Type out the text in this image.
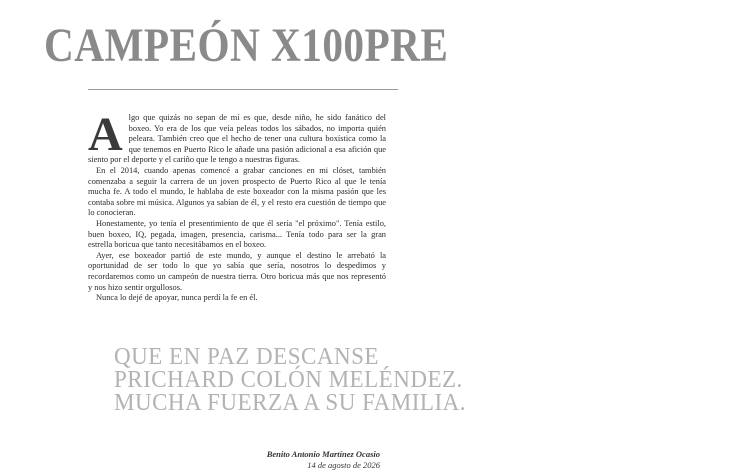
CAMPEÓN X100PRE

Algo que quizás no sepan de mí es que, desde niño, he sido fanático del boxeo. Yo era de los que veía peleas todos los sábados, no importa quién peleara. También creo que el hecho de tener una cultura boxística como la que tenemos en Puerto Rico le añade una pasión adicional a esa afición que siento por el deporte y el cariño que le tengo a nuestras figuras.

En el 2014, cuando apenas comencé a grabar canciones en mi clóset, también comenzaba a seguir la carrera de un joven prospecto de Puerto Rico al que le tenía mucha fe. A todo el mundo, le hablaba de este boxeador con la misma pasión que les contaba sobre mi música. Algunos ya sabían de él, y el resto era cuestión de tiempo que lo conocieran.

Honestamente, yo tenía el presentimiento de que él sería "el próximo". Tenía estilo, buen boxeo, IQ, pegada, imagen, presencia, carisma... Tenía todo para ser la gran estrella boricua que tanto necesitábamos en el boxeo.

Ayer, ese boxeador partió de este mundo, y aunque el destino le arrebató la oportunidad de ser todo lo que yo sabía que sería, nosotros lo despedimos y recordaremos como un campeón de nuestra tierra. Otro boricua más que nos representó y nos hizo sentir orgullosos.

Nunca lo dejé de apoyar, nunca perdí la fe en él.

QUE EN PAZ DESCANSE
PRICHARD COLÓN MELÉNDEZ.
MUCHA FUERZA A SU FAMILIA.
Benito Antonio Martínez Ocasio
14 de agosto de 2026
